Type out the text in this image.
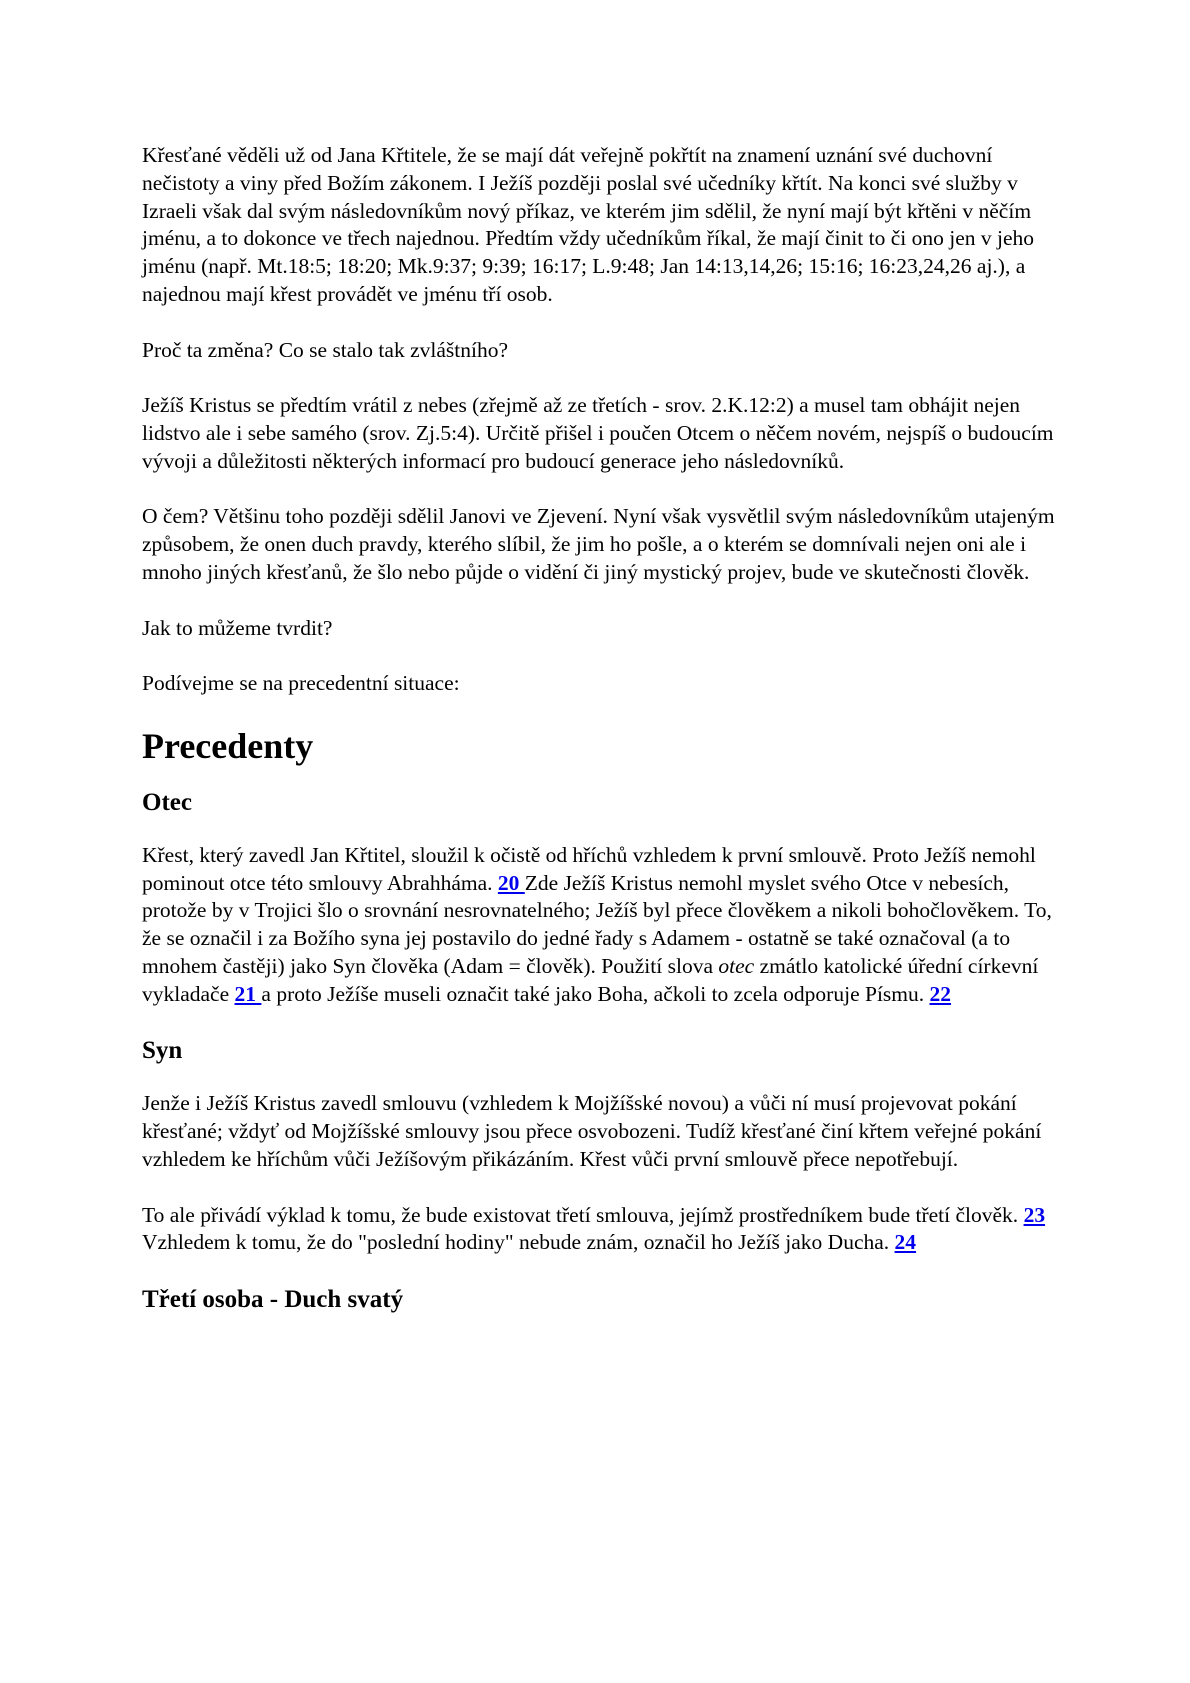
Křesťané věděli už od Jana Křtitele, že se mají dát veřejně pokřtít na znamení uznání své duchovní nečistoty a viny před Božím zákonem. I Ježíš později poslal své učedníky křtít. Na konci své služby v Izraeli však dal svým následovníkům nový příkaz, ve kterém jim sdělil, že nyní mají být křtěni v něčím jménu, a to dokonce ve třech najednou. Předtím vždy učedníkům říkal, že mají činit to či ono jen v jeho jménu (např. Mt.18:5; 18:20; Mk.9:37; 9:39; 16:17; L.9:48; Jan 14:13,14,26; 15:16; 16:23,24,26 aj.), a najednou mají křest provádět ve jménu tří osob.

Proč ta změna? Co se stalo tak zvláštního?

Ježíš Kristus se předtím vrátil z nebes (zřejmě až ze třetích - srov. 2.K.12:2) a musel tam obhájit nejen lidstvo ale i sebe samého (srov. Zj.5:4). Určitě přišel i poučen Otcem o něčem novém, nejspíš o budoucím vývoji a důležitosti některých informací pro budoucí generace jeho následovníků.

O čem? Většinu toho později sdělil Janovi ve Zjevení. Nyní však vysvětlil svým následovníkům utajeným způsobem, že onen duch pravdy, kterého slíbil, že jim ho pošle, a o kterém se domnívali nejen oni ale i mnoho jiných křesťanů, že šlo nebo půjde o vidění či jiný mystický projev, bude ve skutečnosti člověk.

Jak to můžeme tvrdit?

Podívejme se na precedentní situace:

Precedenty
Otec

Křest, který zavedl Jan Křtitel, sloužil k očistě od hříchů vzhledem k první smlouvě. Proto Ježíš nemohl pominout otce této smlouvy Abrahháma. 20 Zde Ježíš Kristus nemohl myslet svého Otce v nebesích, protože by v Trojici šlo o srovnání nesrovnatelného; Ježíš byl přece člověkem a nikoli bohočlověkem. To, že se označil i za Božího syna jej postavilo do jedné řady s Adamem - ostatně se také označoval (a to mnohem častěji) jako Syn člověka (Adam = člověk). Použití slova otec zmátlo katolické úřední církevní vykladače 21 a proto Ježíše museli označit také jako Boha, ačkoli to zcela odporuje Písmu. 22

Syn

Jenže i Ježíš Kristus zavedl smlouvu (vzhledem k Mojžíšské novou) a vůči ní musí projevovat pokání křesťané; vždyť od Mojžíšské smlouvy jsou přece osvobozeni. Tudíž křesťané činí křtem veřejné pokání vzhledem ke hříchům vůči Ježíšovým přikázáním. Křest vůči první smlouvě přece nepotřebují.

To ale přivádí výklad k tomu, že bude existovat třetí smlouva, jejímž prostředníkem bude třetí člověk. 23 Vzhledem k tomu, že do "poslední hodiny" nebude znám, označil ho Ježíš jako Ducha. 24

Třetí osoba - Duch svatý
